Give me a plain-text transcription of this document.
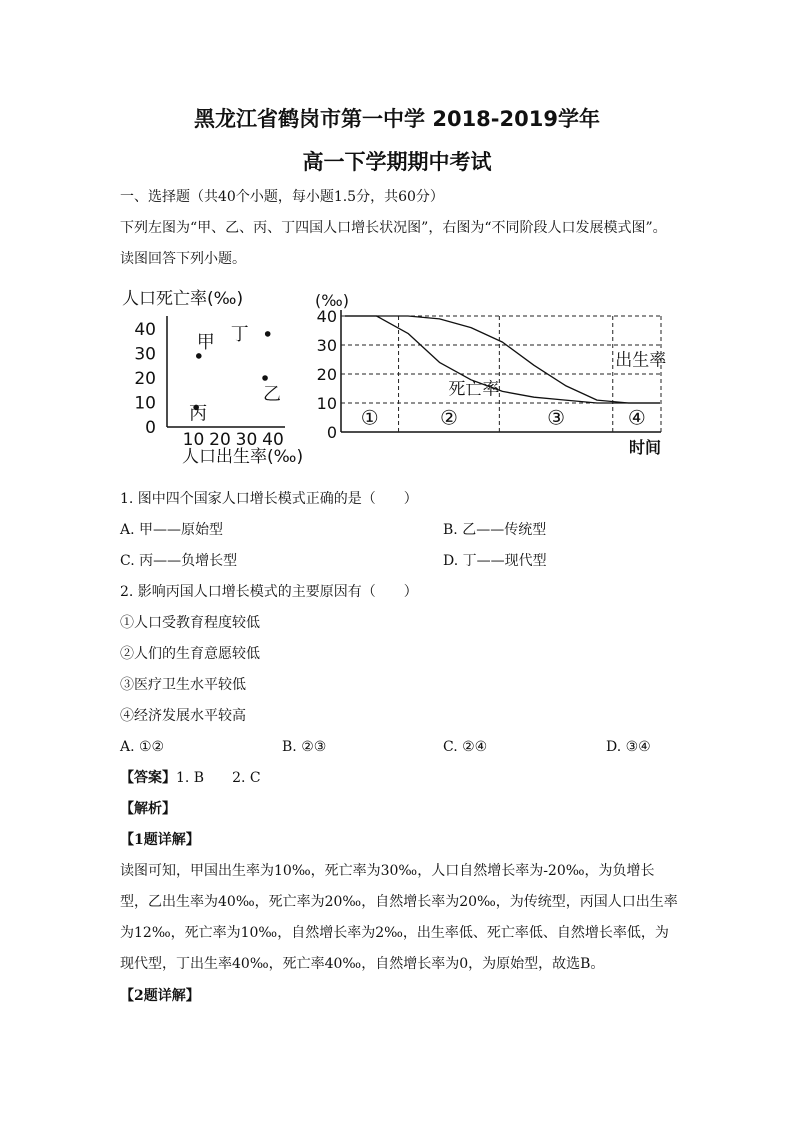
黑龙江省鹤岗市第一中学 2018-2019学年
高一下学期期中考试
一、选择题（共40个小题，每小题1.5分，共60分）
下列左图为“甲、乙、丙、丁四国人口增长状况图”，右图为“不同阶段人口发展模式图”。
读图回答下列小题。
人口死亡率(‰)
0
10
20
30
40
10 20 30 40
甲
乙
丙
丁
人口出生率(‰)
(‰)
0
10
20
30
40
①	②	③	④
出生率
死亡率
时间
1. 图中四个国家人口增长模式正确的是（　　）
A. 甲——原始型	B. 乙——传统型
C. 丙——负增长型	D. 丁——现代型
2. 影响丙国人口增长模式的主要原因有（　　）
①人口受教育程度较低
②人们的生育意愿较低
③医疗卫生水平较低
④经济发展水平较高
A. ①②	B. ②③	C. ②④	D. ③④
【答案】1. B　　2. C
【解析】
【1题详解】
读图可知，甲国出生率为10‰，死亡率为30‰，人口自然增长率为-20‰，为负增长型，乙出生率为40‰，死亡率为20‰，自然增长率为20‰，为传统型，丙国人口出生率为12‰，死亡率为10‰，自然增长率为2‰，出生率低、死亡率低、自然增长率低，为现代型，丁出生率40‰，死亡率40‰，自然增长率为0，为原始型，故选B。
【2题详解】
